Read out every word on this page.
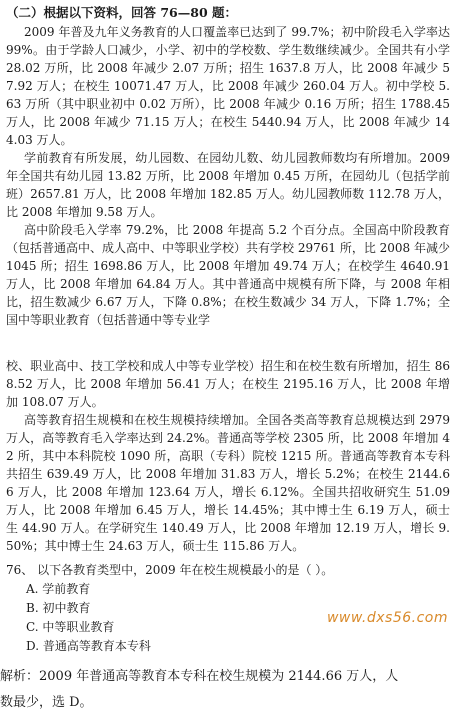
（二）根据以下资料，回答 76—80 题：

2009 年普及九年义务教育的人口覆盖率已达到了 99.7%；初中阶段毛入学率达 99%。由于学龄人口减少，小学、初中的学校数、学生数继续减少。全国共有小学 28.02 万所，比 2008 年减少 2.07 万所；招生 1637.8 万人，比 2008 年减少 57.92 万人；在校生 10071.47 万人，比 2008 年减少 260.04 万人。初中学校 5.63 万所（其中职业初中 0.02 万所），比 2008 年减少 0.16 万所；招生 1788.45 万人，比 2008 年减少 71.15 万人；在校生 5440.94 万人，比 2008 年减少 144.03 万人。

学前教育有所发展，幼儿园数、在园幼儿数、幼儿园教师数均有所增加。2009 年全国共有幼儿园 13.82 万所，比 2008 年增加 0.45 万所，在园幼儿（包括学前班）2657.81 万人，比 2008 年增加 182.85 万人。幼儿园教师数 112.78 万人，比 2008 年增加 9.58 万人。

高中阶段毛入学率 79.2%，比 2008 年提高 5.2 个百分点。全国高中阶段教育（包括普通高中、成人高中、中等职业学校）共有学校 29761 所，比 2008 年减少 1045 所；招生 1698.86 万人，比 2008 年增加 49.74 万人；在校学生 4640.91 万人，比 2008 年增加 64.84 万人。其中普通高中规模有所下降，与 2008 年相比，招生数减少 6.67 万人，下降 0.8%；在校生数减少 34 万人，下降 1.7%；全国中等职业教育（包括普通中等专业学

校、职业高中、技工学校和成人中等专业学校）招生和在校生数有所增加，招生 868.52 万人，比 2008 年增加 56.41 万人；在校生 2195.16 万人，比 2008 年增加 108.07 万人。

高等教育招生规模和在校生规模持续增加。全国各类高等教育总规模达到 2979 万人，高等教育毛入学率达到 24.2%。普通高等学校 2305 所，比 2008 年增加 42 所，其中本科院校 1090 所，高职（专科）院校 1215 所。普通高等教育本专科共招生 639.49 万人，比 2008 年增加 31.83 万人，增长 5.2%；在校生 2144.66 万人，比 2008 年增加 123.64 万人，增长 6.12%。全国共招收研究生 51.09 万人，比 2008 年增加 6.45 万人，增长 14.45%；其中博士生 6.19 万人，硕士生 44.90 万人。在学研究生 140.49 万人，比 2008 年增加 12.19 万人，增长 9.50%；其中博士生 24.63 万人，硕士生 115.86 万人。

76、 以下各教育类型中，2009 年在校生规模最小的是（ ）。
A. 学前教育
B. 初中教育
C. 中等职业教育
D. 普通高等教育本专科
解析：2009 年普通高等教育本专科在校生规模为 2144.66 万人，人
数最少，选 D。
www.dxs56.com
